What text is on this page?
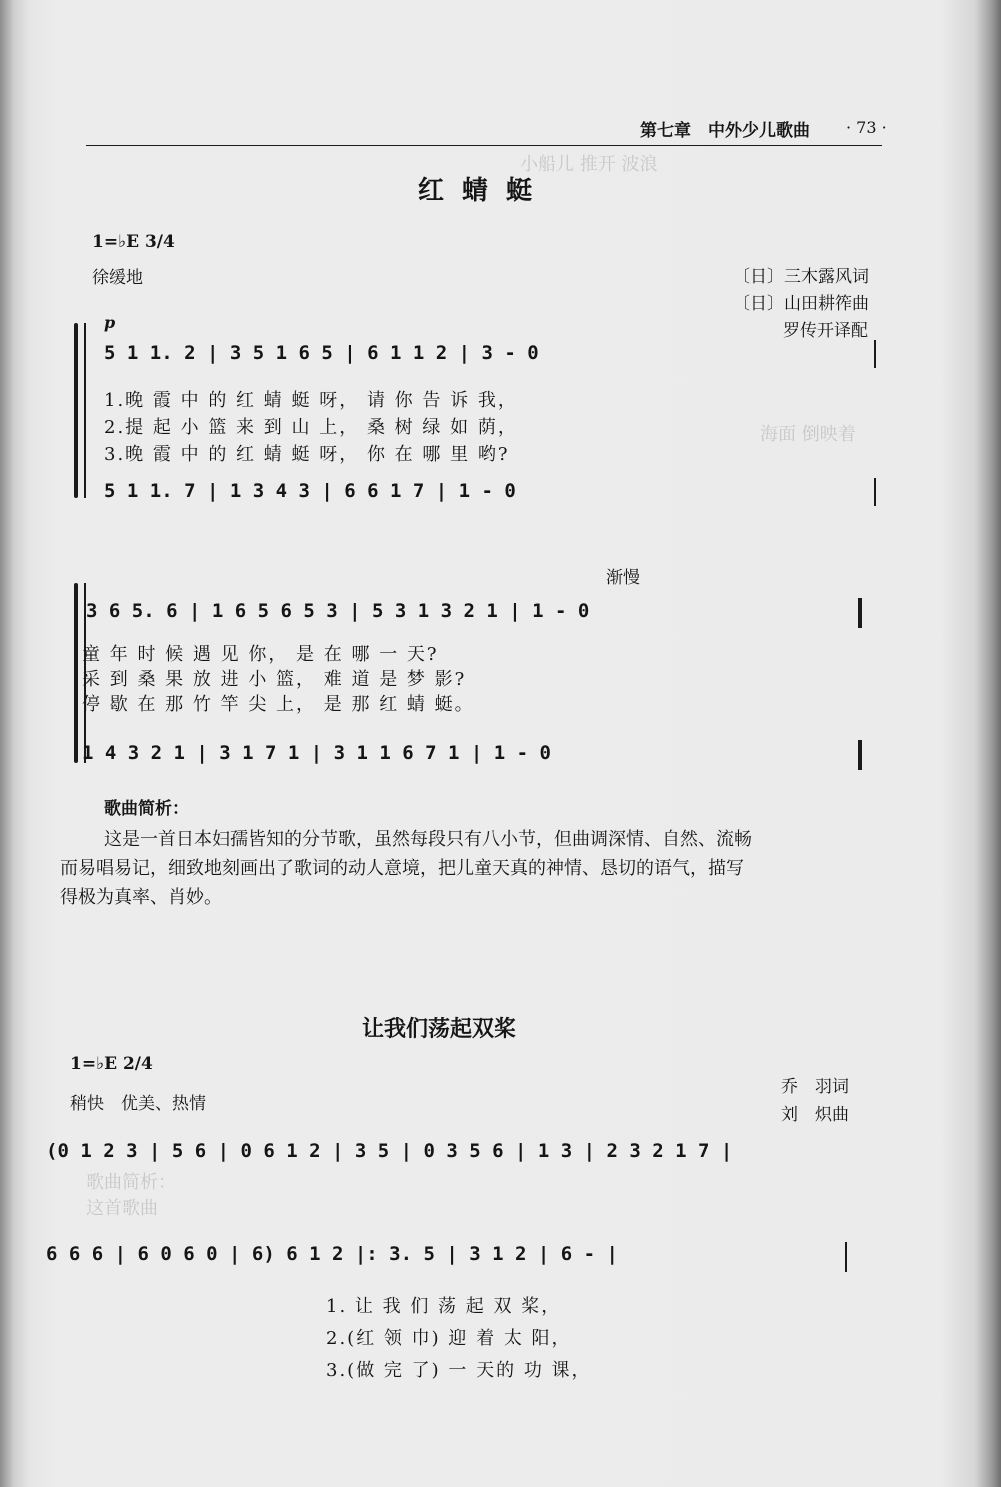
小船儿 推开 波浪
海面 倒映着
歌曲简析：
这首歌曲
第七章　中外少儿歌曲 · 73 ·
红蜻蜓
1=♭E 3/4
徐缓地	〔日〕三木露风词
〔日〕山田耕筰曲
罗传开译配
p
5 1 1. 2 | 3 5 1 6 5 | 6 1 1 2 | 3 - 0
1.晚 霞 中 的 红 蜻 蜓 呀， 请 你 告 诉 我，
2.提 起 小 篮 来 到 山 上， 桑 树 绿 如 荫，
3.晚 霞 中 的 红 蜻 蜓 呀， 你 在 哪 里 哟?
5 1 1. 7 | 1 3 4 3 | 6 6 1 7 | 1 - 0
渐慢
3 6 5. 6 | 1 6 5 6 5 3 | 5 3 1 3 2 1 | 1 - 0
童 年 时 候 遇 见 你， 是 在 哪 一 天?
采 到 桑 果 放 进 小 篮， 难 道 是 梦 影?
停 歇 在 那 竹 竿 尖 上， 是 那 红 蜻 蜓。
1 4 3 2 1 | 3 1 7 1 | 3 1 1 6 7 1 | 1 - 0
歌曲简析：
这是一首日本妇孺皆知的分节歌，虽然每段只有八小节，但曲调深情、自然、流畅
而易唱易记，细致地刻画出了歌词的动人意境，把儿童天真的神情、恳切的语气，描写
得极为真率、肖妙。
让我们荡起双桨
1=♭E 2/4
稍快　优美、热情
乔　羽词
刘　炽曲
(0 1 2 3 | 5 6 | 0 6 1 2 | 3 5 | 0 3 5 6 | 1 3 | 2 3 2 1 7 |
6 6 6 | 6 0 6 0 | 6) 6 1 2 |: 3. 5 | 3 1 2 | 6 - |
1. 让 我 们 荡 起 双 桨，
2.(红 领 巾) 迎 着 太 阳，
3.(做 完 了) 一 天的 功 课，
